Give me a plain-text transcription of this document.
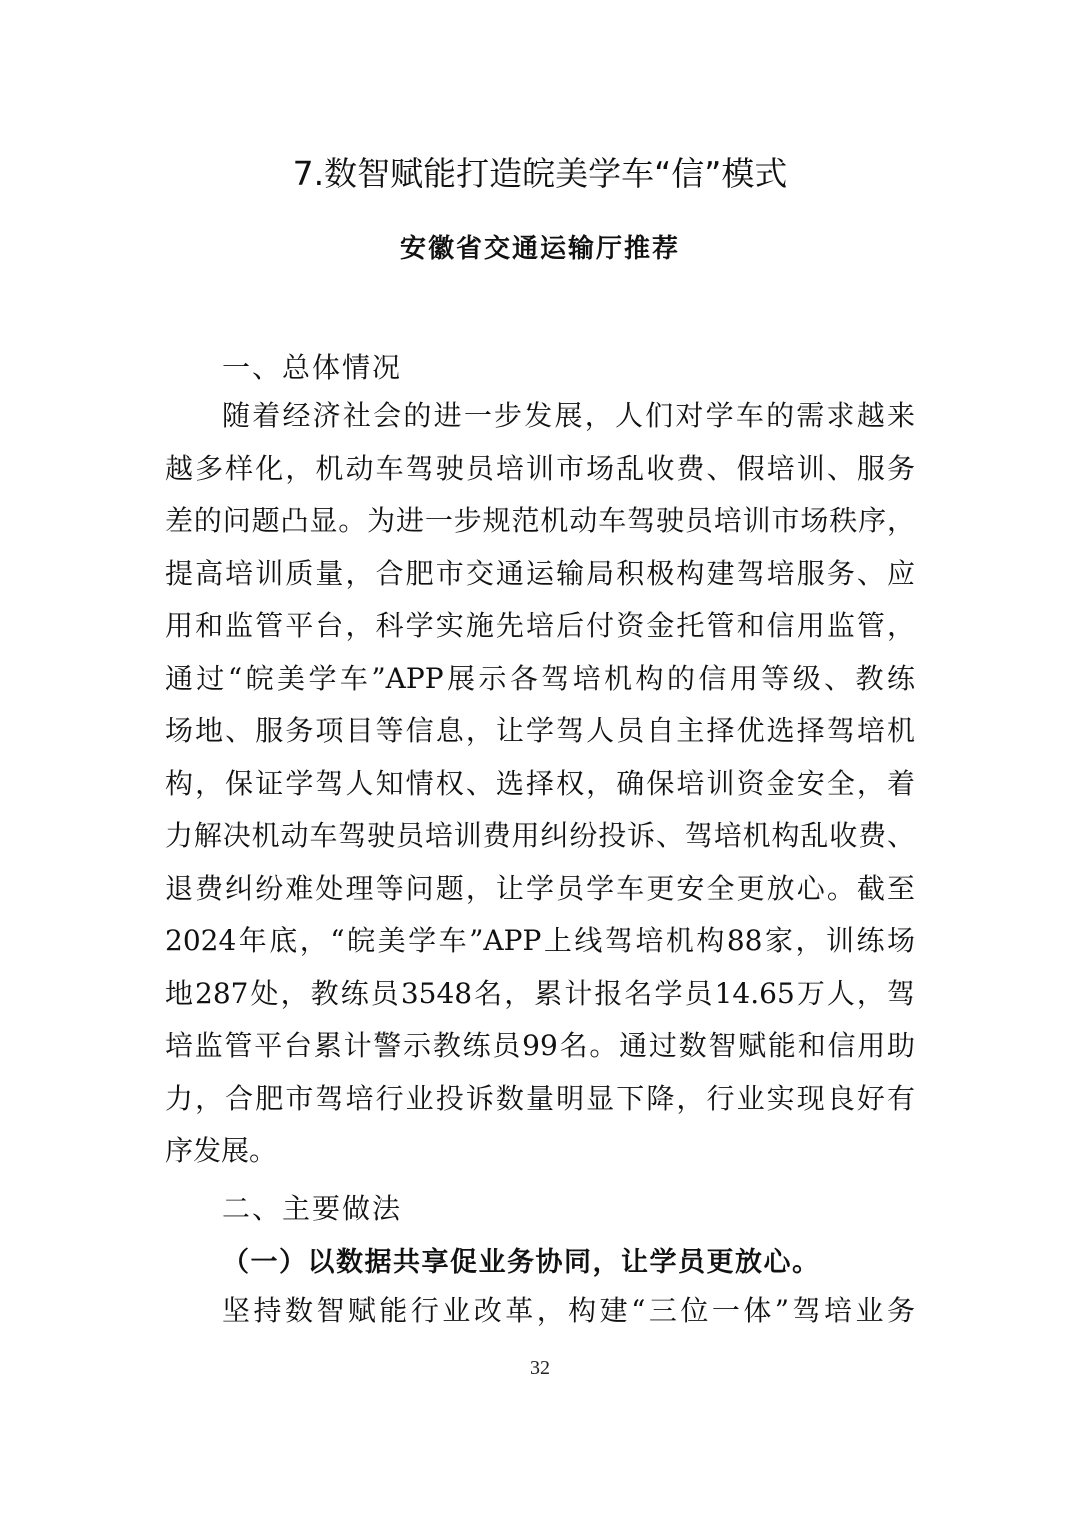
7.数智赋能打造皖美学车“信”模式
安徽省交通运输厅推荐
一、总体情况
随着经济社会的进一步发展，人们对学车的需求越来
越多样化，机动车驾驶员培训市场乱收费、假培训、服务
差的问题凸显。为进一步规范机动车驾驶员培训市场秩序，
提高培训质量，合肥市交通运输局积极构建驾培服务、应
用和监管平台，科学实施先培后付资金托管和信用监管，
通过“皖美学车”APP展示各驾培机构的信用等级、教练
场地、服务项目等信息，让学驾人员自主择优选择驾培机
构，保证学驾人知情权、选择权，确保培训资金安全，着
力解决机动车驾驶员培训费用纠纷投诉、驾培机构乱收费、
退费纠纷难处理等问题，让学员学车更安全更放心。截至
2024年底，“皖美学车”APP上线驾培机构88家，训练场
地287处，教练员3548名，累计报名学员14.65万人，驾
培监管平台累计警示教练员99名。通过数智赋能和信用助
力，合肥市驾培行业投诉数量明显下降，行业实现良好有
序发展。
二、主要做法
（一）以数据共享促业务协同，让学员更放心。
坚持数智赋能行业改革，构建“三位一体”驾培业务
32
